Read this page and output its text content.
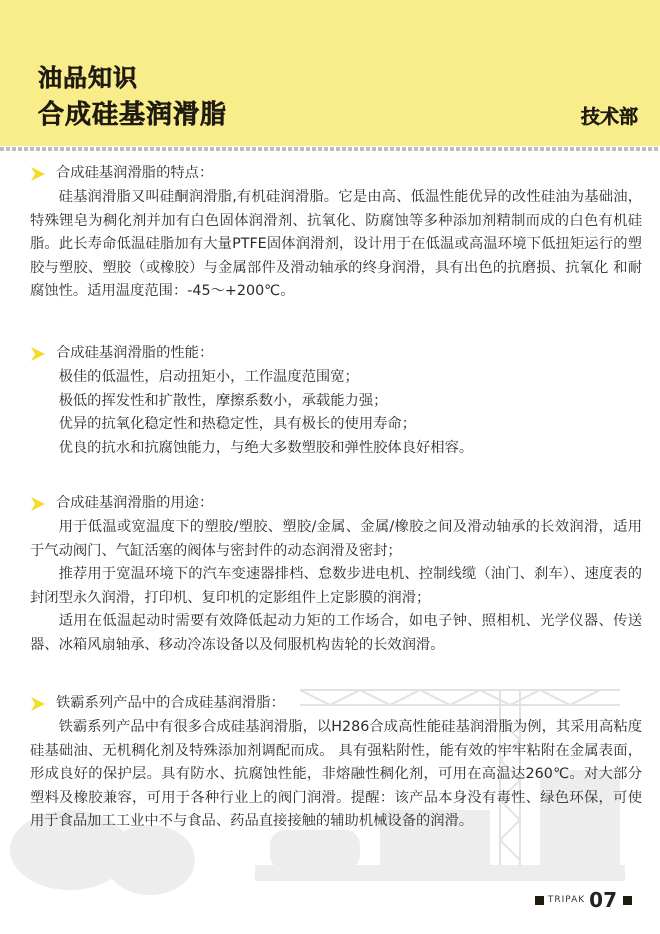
油品知识
合成硅基润滑脂	技术部
合成硅基润滑脂的特点：

硅基润滑脂又叫硅酮润滑脂,有机硅润滑脂。它是由高、低温性能优异的改性硅油为基础油，特殊锂皂为稠化剂并加有白色固体润滑剂、抗氧化、防腐蚀等多种添加剂精制而成的白色有机硅脂。此长寿命低温硅脂加有大量PTFE固体润滑剂，设计用于在低温或高温环境下低扭矩运行的塑胶与塑胶、塑胶（或橡胶）与金属部件及滑动轴承的终身润滑，具有出色的抗磨损、抗氧化 和耐腐蚀性。适用温度范围：-45～+200℃。

合成硅基润滑脂的性能：

极佳的低温性，启动扭矩小，工作温度范围宽；

极低的挥发性和扩散性，摩擦系数小，承载能力强；

优异的抗氧化稳定性和热稳定性，具有极长的使用寿命；

优良的抗水和抗腐蚀能力，与绝大多数塑胶和弹性胶体良好相容。

合成硅基润滑脂的用途：

用于低温或宽温度下的塑胶/塑胶、塑胶/金属、金属/橡胶之间及滑动轴承的长效润滑，适用于气动阀门、气缸活塞的阀体与密封件的动态润滑及密封；

推荐用于宽温环境下的汽车变速器排档、怠数步进电机、控制线缆（油门、刹车）、速度表的封闭型永久润滑，打印机、复印机的定影组件上定影膜的润滑；

适用在低温起动时需要有效降低起动力矩的工作场合，如电子钟、照相机、光学仪器、传送器、冰箱风扇轴承、移动冷冻设备以及伺服机构齿轮的长效润滑。

铁霸系列产品中的合成硅基润滑脂：

铁霸系列产品中有很多合成硅基润滑脂，以H286合成高性能硅基润滑脂为例，其采用高粘度硅基础油、无机稠化剂及特殊添加剂调配而成。 具有强粘附性，能有效的牢牢粘附在金属表面，形成良好的保护层。具有防水、抗腐蚀性能，非熔融性稠化剂，可用在高温达260℃。对大部分塑料及橡胶兼容，可用于各种行业上的阀门润滑。提醒：该产品本身没有毒性、绿色环保，可使用于食品加工工业中不与食品、药品直接接触的辅助机械设备的润滑。

TRIPAK 07
